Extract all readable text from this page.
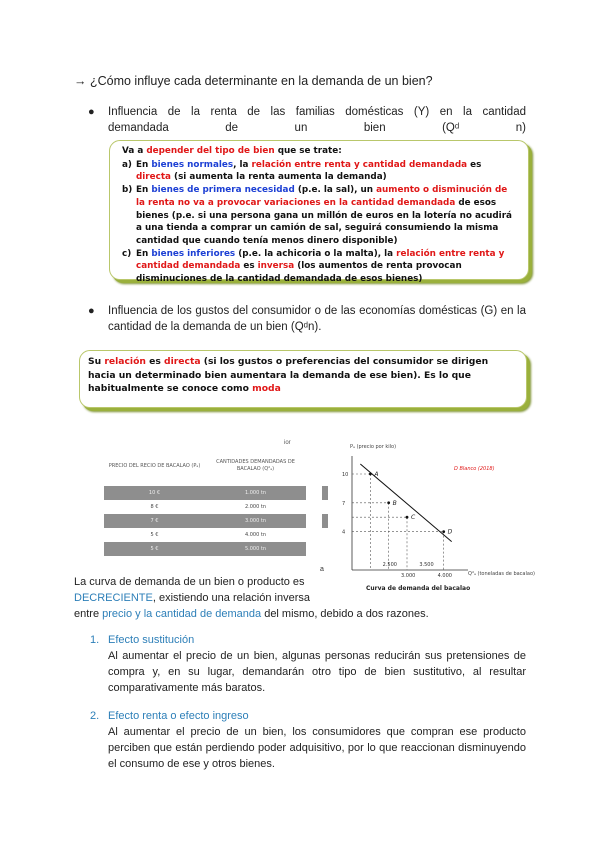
→ ¿Cómo influye cada determinante en la demanda de un bien?
● Influencia de la renta de las familias domésticas (Y) en la cantidad
demandada	de	un	bien	(Qᵈ	n)
Va a depender del tipo de bien que se trate:
a) En bienes normales, la relación entre renta y cantidad demandada es directa (si aumenta la renta aumenta la demanda)
b) En bienes de primera necesidad (p.e. la sal), un aumento o disminución de la renta no va a provocar variaciones en la cantidad demandada de esos bienes (p.e. si una persona gana un millón de euros en la lotería no acudirá a una tienda a comprar un camión de sal, seguirá consumiendo la misma cantidad que cuando tenía menos dinero disponible)
c) En bienes inferiores (p.e. la achicoria o la malta), la relación entre renta y cantidad demandada es inversa (los aumentos de renta provocan disminuciones de la cantidad demandada de esos bienes)
● Influencia de los gustos del consumidor o de las economías domésticas (G) en la cantidad de la demanda de un bien (Qᵈn).
Su relación es directa (si los gustos o preferencias del consumidor se dirigen hacia un determinado bien aumentara la demanda de ese bien). Es lo que habitualmente se conoce como moda
ior
PRECIO DEL RECIO DE BACALAO (Pₐ)	CANTIDADES DEMANDADAS DE BACALAO (Qᵈₐ)
10 €	1.000 tn
8 €	2.000 tn
7 €	3.000 tn
5 €	4.000 tn
5 €	5.000 tn
a
Pₐ (precio por kilo)
D Blanco (2018)
A
B
C
D
10
7
4
2.500
3.000
3.500
4.000	Qᵈₐ (toneladas de bacalao)
Curva de demanda del bacalao
La curva de demanda de un bien o producto es
DECRECIENTE, existiendo una relación inversa
entre precio y la cantidad de demanda del mismo, debido a dos razones.
1. Efecto sustitución
Al aumentar el precio de un bien, algunas personas reducirán sus pretensiones de compra y, en su lugar, demandarán otro tipo de bien sustitutivo, al resultar comparativamente más baratos.
2. Efecto renta o efecto ingreso
Al aumentar el precio de un bien, los consumidores que compran ese producto perciben que están perdiendo poder adquisitivo, por lo que reaccionan disminuyendo el consumo de ese y otros bienes.
